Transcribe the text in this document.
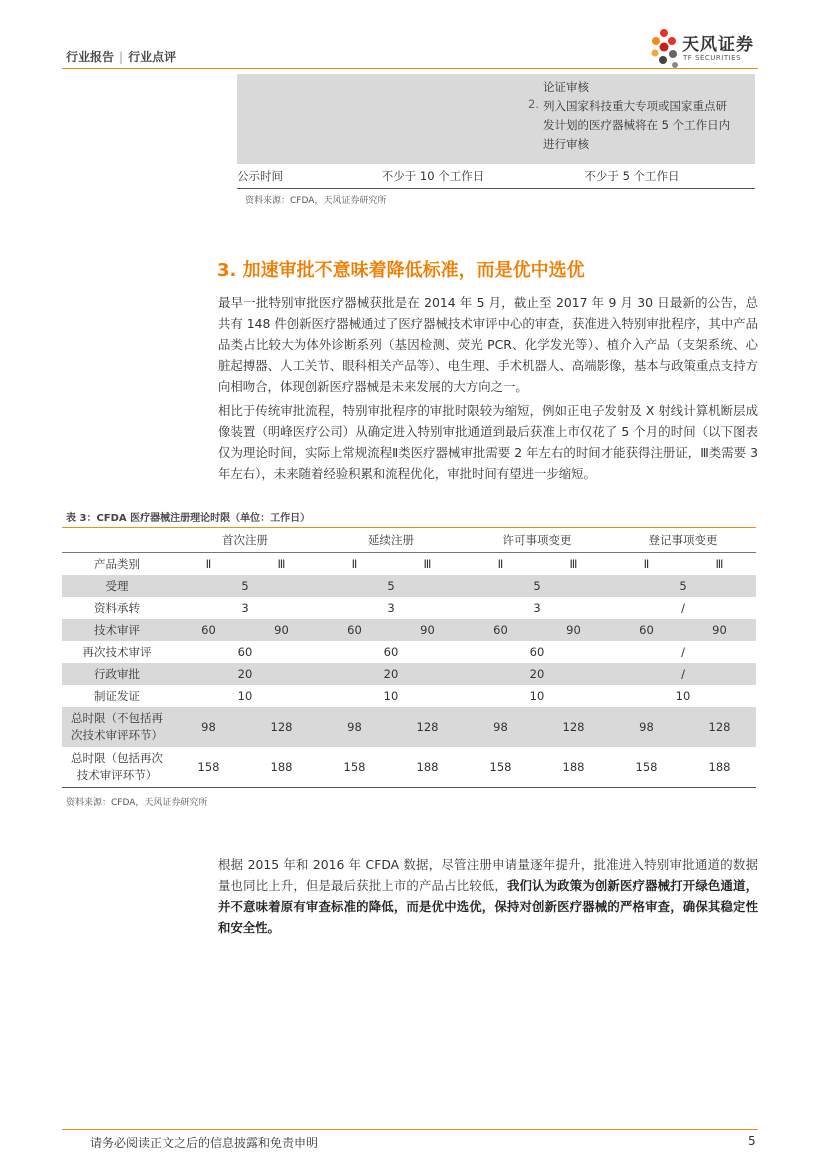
行业报告 | 行业点评
天风证券
TF SECURITIES

		论证审核
2. 列入国家科技重大专项或国家重点研发计划的医疗器械将在 5 个工作日内进行审核

公示时间	不少于 10 个工作日	不少于 5 个工作日
资料来源：CFDA，天风证券研究所
3. 加速审批不意味着降低标准，而是优中选优

最早一批特别审批医疗器械获批是在 2014 年 5 月，截止至 2017 年 9 月 30 日最新的公告，总共有 148 件创新医疗器械通过了医疗器械技术审评中心的审查，获准进入特别审批程序，其中产品品类占比较大为体外诊断系列（基因检测、荧光 PCR、化学发光等）、植介入产品（支架系统、心脏起搏器、人工关节、眼科相关产品等）、电生理、手术机器人、高端影像，基本与政策重点支持方向相吻合，体现创新医疗器械是未来发展的大方向之一。

相比于传统审批流程，特别审批程序的审批时限较为缩短，例如正电子发射及 X 射线计算机断层成像装置（明峰医疗公司）从确定进入特别审批通道到最后获准上市仅花了 5 个月的时间（以下图表仅为理论时间，实际上常规流程Ⅱ类医疗器械审批需要 2 年左右的时间才能获得注册证，Ⅲ类需要 3 年左右），未来随着经验积累和流程优化，审批时间有望进一步缩短。

表 3：CFDA 医疗器械注册理论时限（单位：工作日）
	首次注册		延续注册		许可事项变更		登记事项变更	
产品类别	Ⅱ	Ⅲ	Ⅱ	Ⅲ	Ⅱ	Ⅲ	Ⅱ	Ⅲ
受理	5		5		5		5	
资料承转	3		3		3		/	
技术审评	60	90	60	90	60	90	60	90
再次技术审评	60		60		60		/	
行政审批	20		20		20		/	
制证发证	10		10		10		10	
总时限（不包括再
次技术审评环节）	98	128	98	128	98	128	98	128
总时限（包括再次
技术审评环节）	158	188	158	188	158	188	158	188
资料来源：CFDA，天风证券研究所

根据 2015 年和 2016 年 CFDA 数据，尽管注册申请量逐年提升，批准进入特别审批通道的数据量也同比上升，但是最后获批上市的产品占比较低，我们认为政策为创新医疗器械打开绿色通道，并不意味着原有审查标准的降低，而是优中选优，保持对创新医疗器械的严格审查，确保其稳定性和安全性。

请务必阅读正文之后的信息披露和免责申明	5
